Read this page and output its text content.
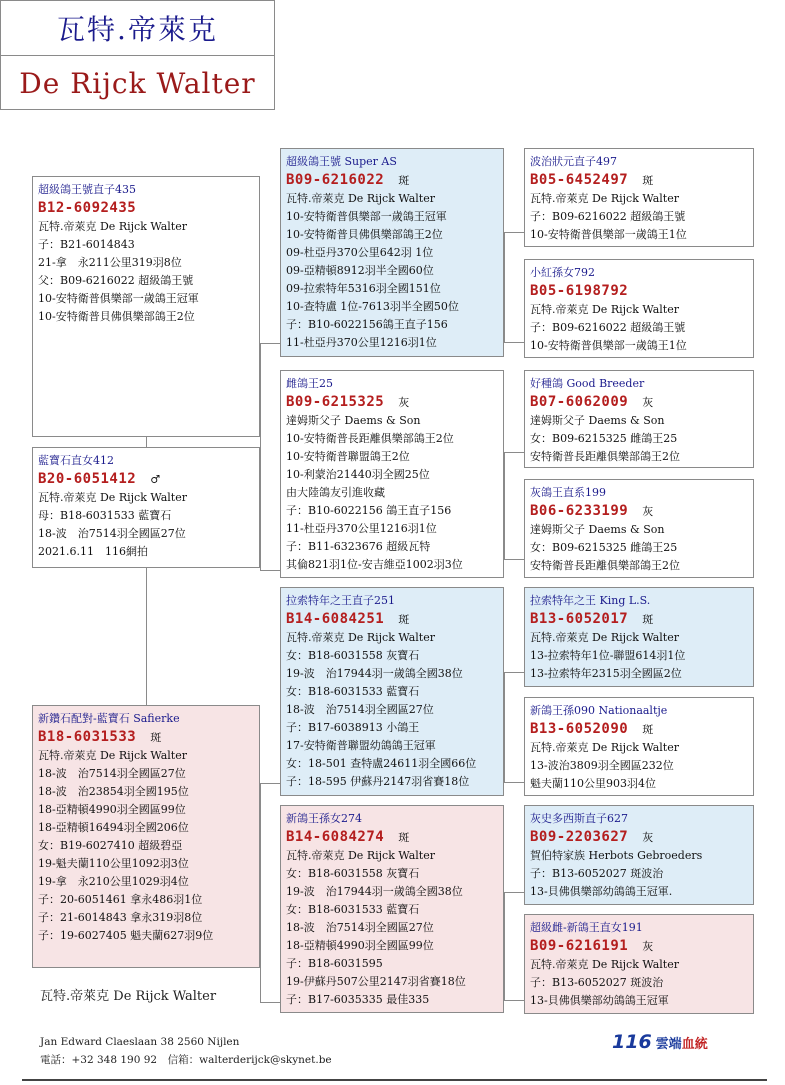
瓦特.帝萊克
De Rijck Walter
超級鴿王號直子435
B12-6092435
瓦特.帝萊克 De Rijck Walter
子：B21-6014843
21-拿　永211公里319羽8位
父：B09-6216022 超級鴿王號
10-安特衛普俱樂部一歲鴿王冠軍
10-安特衛普貝佛俱樂部鴿王2位
藍寶石直女412
B20-6051412 ♂
瓦特.帝萊克 De Rijck Walter
母：B18-6031533 藍寶石
18-波　治7514羽全國區27位
2021.6.11　116網拍
新鑽石配對-藍寶石 Safierke
B18-6031533 斑
瓦特.帝萊克 De Rijck Walter
18-波　治7514羽全國區27位
18-波　治23854羽全國195位
18-亞精頓4990羽全國區99位
18-亞精頓16494羽全國206位
女：B19-6027410 超級碧亞
19-魁夫蘭110公里1092羽3位
19-拿　永210公里1029羽4位
子：20-6051461 拿永486羽1位
子：21-6014843 拿永319羽8位
子：19-6027405 魁夫蘭627羽9位
超級鴿王號 Super AS
B09-6216022 斑
瓦特.帝萊克 De Rijck Walter
10-安特衛普俱樂部一歲鴿王冠軍
10-安特衛普貝佛俱樂部鴿王2位
09-杜亞丹370公里642羽 1位
09-亞精頓8912羽半全國60位
09-拉索特年5316羽全國151位
10-查特盧 1位-7613羽半全國50位
子：B10-6022156鴿王直子156
11-杜亞丹370公里1216羽1位
雌鴿王25
B09-6215325 灰
達姆斯父子 Daems & Son
10-安特衛普長距離俱樂部鴿王2位
10-安特衛普聯盟鴿王2位
10-利蒙治21440羽全國25位
由大陸鴿友引進收藏
子：B10-6022156 鴿王直子156
11-杜亞丹370公里1216羽1位
子：B11-6323676 超級瓦特
其倫821羽1位-安吉維亞1002羽3位
拉索特年之王直子251
B14-6084251 斑
瓦特.帝萊克 De Rijck Walter
女：B18-6031558 灰寶石
19-波　治17944羽一歲鴿全國38位
女：B18-6031533 藍寶石
18-波　治7514羽全國區27位
子：B17-6038913 小鴿王
17-安特衛普聯盟幼鴿鴿王冠軍
女：18-501 查特盧24611羽全國66位
子：18-595 伊蘇丹2147羽省賽18位
新鴿王孫女274
B14-6084274 斑
瓦特.帝萊克 De Rijck Walter
女：B18-6031558 灰寶石
19-波　治17944羽一歲鴿全國38位
女：B18-6031533 藍寶石
18-波　治7514羽全國區27位
18-亞精頓4990羽全國區99位
子：B18-6031595
19-伊蘇丹507公里2147羽省賽18位
子：B17-6035335 最佳335
波治狀元直子497
B05-6452497 斑
瓦特.帝萊克 De Rijck Walter
子：B09-6216022 超級鴿王號
10-安特衛普俱樂部一歲鴿王1位
小紅孫女792
B05-6198792
瓦特.帝萊克 De Rijck Walter
子：B09-6216022 超級鴿王號
10-安特衛普俱樂部一歲鴿王1位
好種鴿 Good Breeder
B07-6062009 灰
達姆斯父子 Daems & Son
女：B09-6215325 雌鴿王25
安特衛普長距離俱樂部鴿王2位
灰鴿王直系199
B06-6233199 灰
達姆斯父子 Daems & Son
女：B09-6215325 雌鴿王25
安特衛普長距離俱樂部鴿王2位
拉索特年之王 King L.S.
B13-6052017 斑
瓦特.帝萊克 De Rijck Walter
13-拉索特年1位-聯盟614羽1位
13-拉索特年2315羽全國區2位
新鴿王孫090 Nationaaltje
B13-6052090 斑
瓦特.帝萊克 De Rijck Walter
13-波治3809羽全國區232位
魁夫蘭110公里903羽4位
灰史多西斯直子627
B09-2203627 灰
賀伯特家族 Herbots Gebroeders
子：B13-6052027 斑波治
13-貝佛俱樂部幼鴿鴿王冠軍.
超級雌-新鴿王直女191
B09-6216191 灰
瓦特.帝萊克 De Rijck Walter
子：B13-6052027 斑波治
13-貝佛俱樂部幼鴿鴿王冠軍
瓦特.帝萊克 De Rijck Walter
Jan Edward Claeslaan 38 2560 Nijlen
電話：+32 348 190 92　信箱：walterderijck@skynet.be
116 雲端血統
